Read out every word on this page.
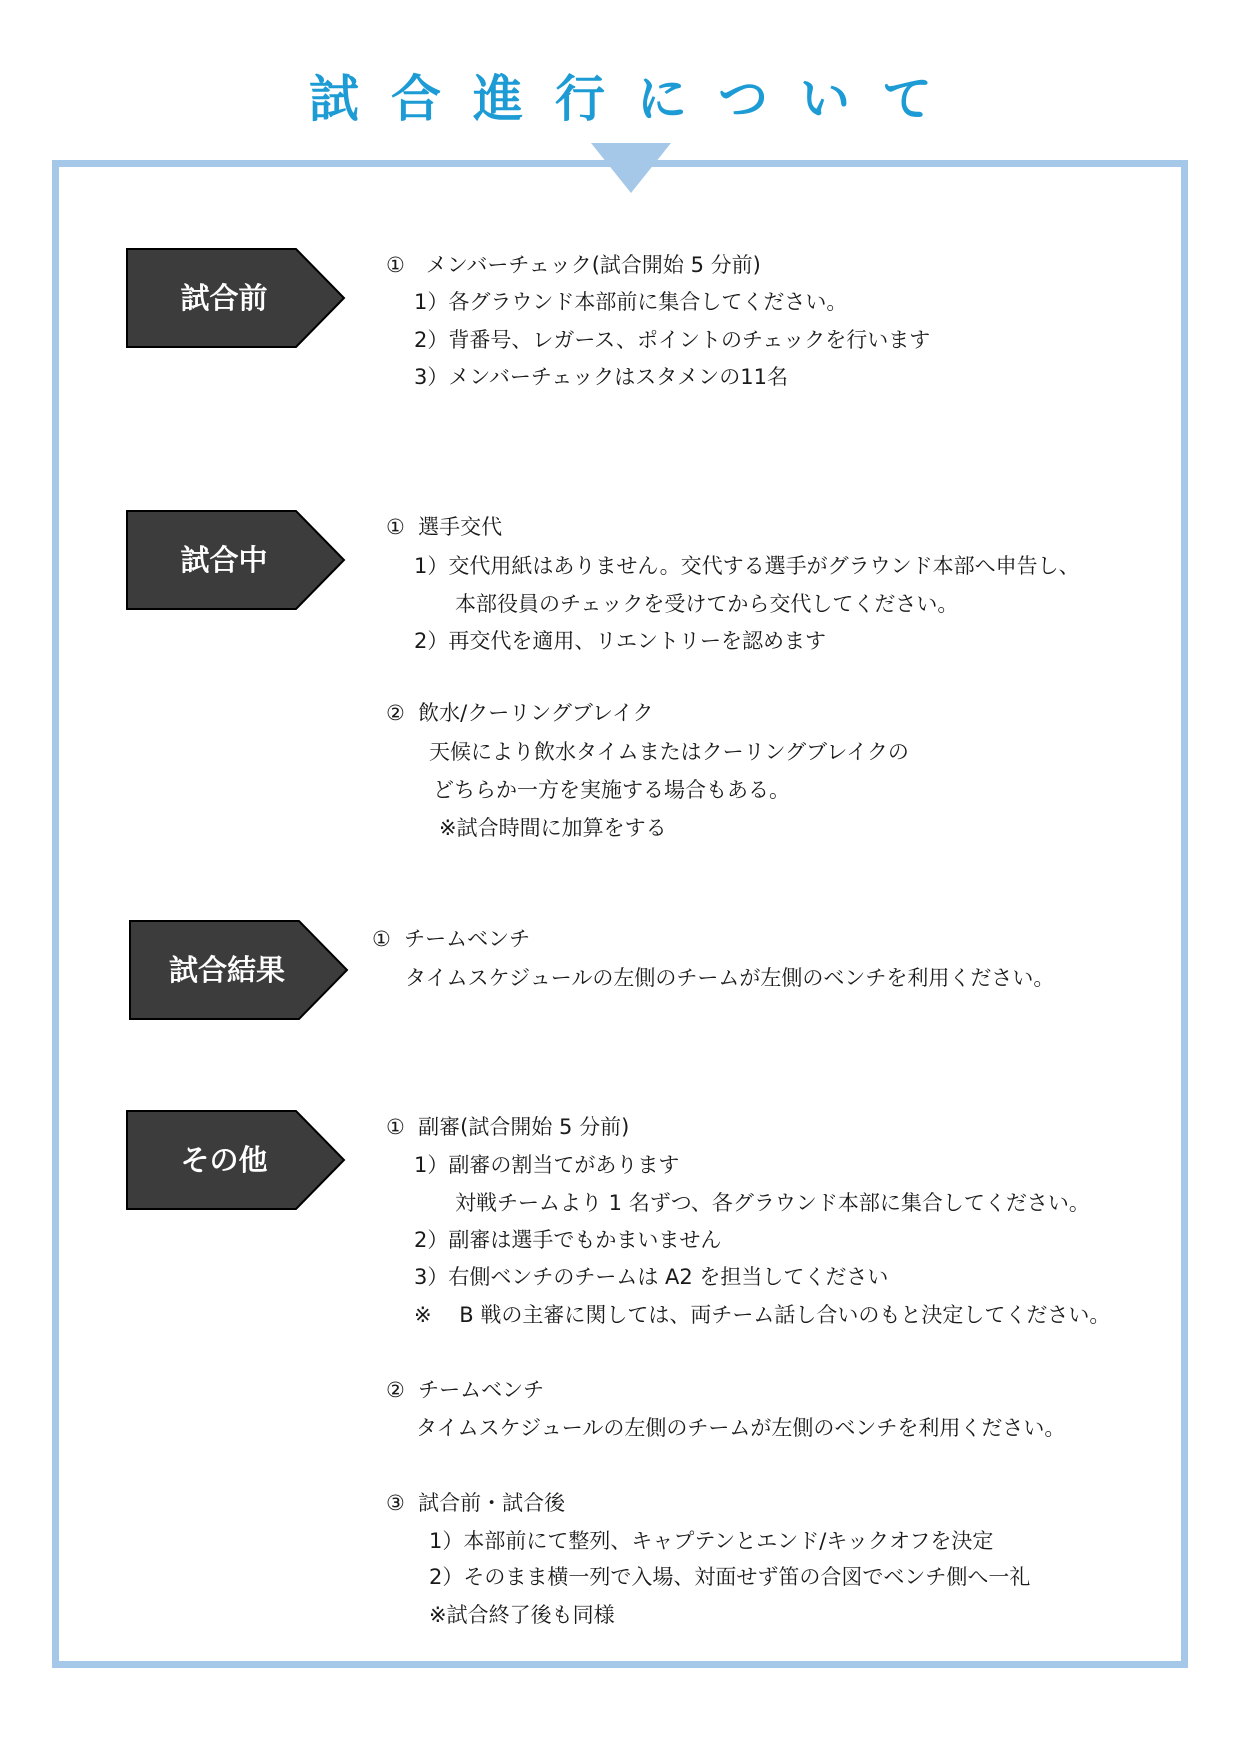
試合進行について
試合前
①　メンバーチェック(試合開始 5 分前)
1）各グラウンド本部前に集合してください。
2）背番号、レガース、ポイントのチェックを行います
3）メンバーチェックはスタメンの11名
試合中
①  選手交代
1）交代用紙はありません。交代する選手がグラウンド本部へ申告し、
本部役員のチェックを受けてから交代してください。
2）再交代を適用、リエントリーを認めます
②  飲水/クーリングブレイク
天候により飲水タイムまたはクーリングブレイクの
どちらか一方を実施する場合もある。
※試合時間に加算をする
試合結果
①  チームベンチ
タイムスケジュールの左側のチームが左側のベンチを利用ください。
その他
①  副審(試合開始 5 分前)
1）副審の割当てがあります
対戦チームより 1 名ずつ、各グラウンド本部に集合してください。
2）副審は選手でもかまいません
3）右側ベンチのチームは A2 を担当してください
※　 B 戦の主審に関しては、両チーム話し合いのもと決定してください。
②  チームベンチ
タイムスケジュールの左側のチームが左側のベンチを利用ください。
③  試合前・試合後
1）本部前にて整列、キャプテンとエンド/キックオフを決定
2）そのまま横一列で入場、対面せず笛の合図でベンチ側へ一礼
※試合終了後も同様
